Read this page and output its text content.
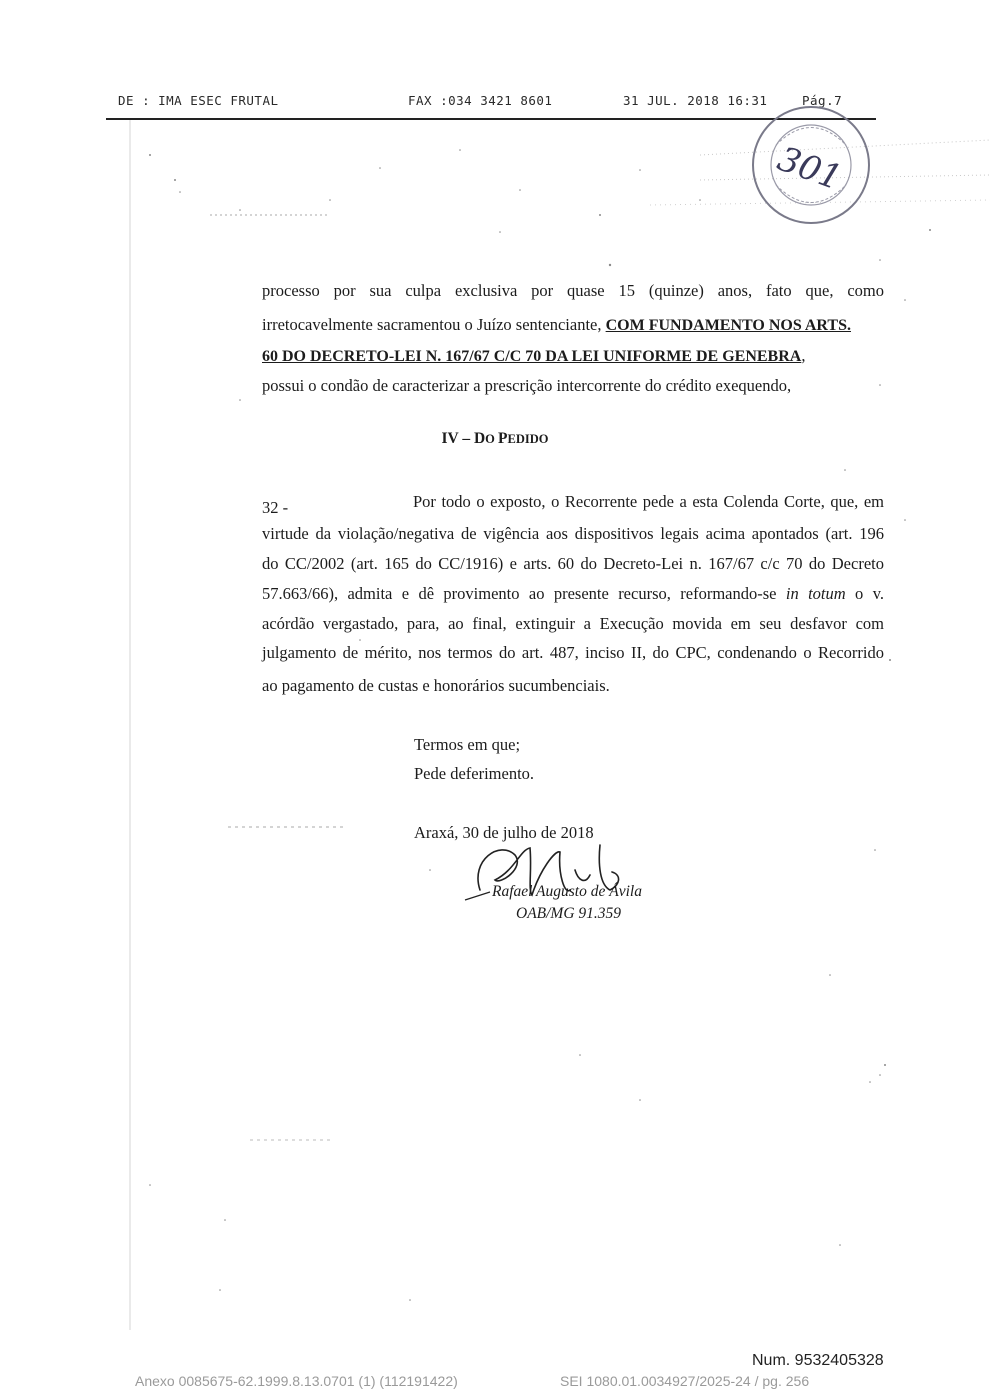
DE : IMA ESEC FRUTAL	FAX :034 3421 8601	31 JUL. 2018 16:31	Pág.7
301
processo por sua culpa exclusiva por quase 15 (quinze) anos, fato que, como
irretocavelmente sacramentou o Juízo sentenciante, COM FUNDAMENTO NOS ARTS.
60 DO DECRETO-LEI N. 167/67 C/C 70 DA LEI UNIFORME DE GENEBRA,
possui o condão de caracterizar a prescrição intercorrente do crédito exequendo,
IV – DO PEDIDO
32 -	Por todo o exposto, o Recorrente pede a esta Colenda Corte, que, em
virtude da violação/negativa de vigência aos dispositivos legais acima apontados (art. 196
do CC/2002 (art. 165 do CC/1916) e arts. 60 do Decreto-Lei n. 167/67 c/c 70 do Decreto
57.663/66), admita e dê provimento ao presente recurso, reformando-se in totum o v.
acórdão vergastado, para, ao final, extinguir a Execução movida em seu desfavor com
julgamento de mérito, nos termos do art. 487, inciso II, do CPC, condenando o Recorrido
ao pagamento de custas e honorários sucumbenciais.
Termos em que;
Pede deferimento.
Araxá, 30 de julho de 2018
Rafael Augusto de Ávila
OAB/MG 91.359
Num. 9532405328
Anexo 0085675-62.1999.8.13.0701 (1) (112191422)	SEI 1080.01.0034927/2025-24 / pg. 256
